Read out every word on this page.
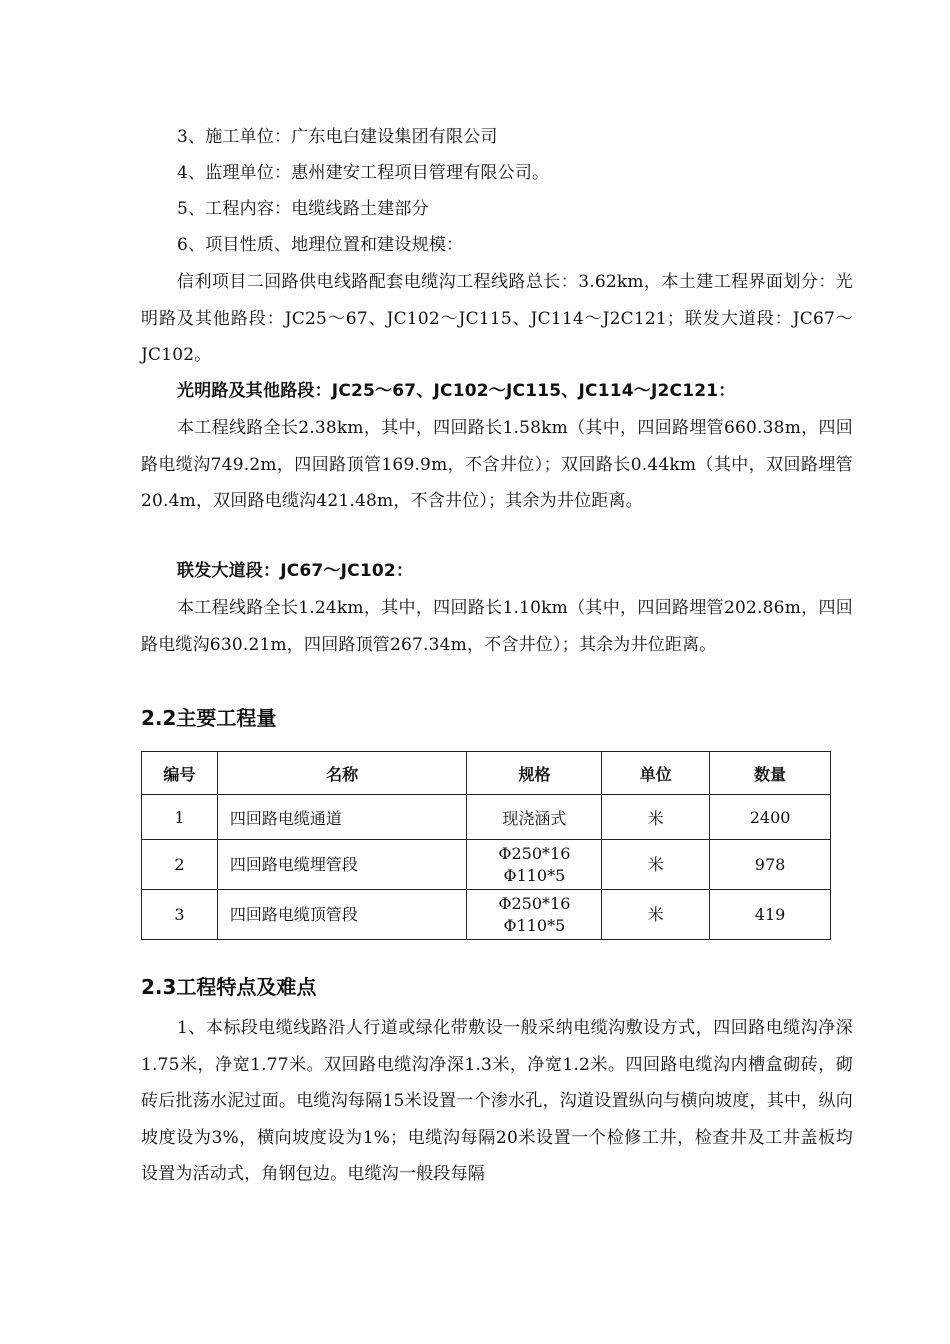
3、施工单位：广东电白建设集团有限公司

4、监理单位：惠州建安工程项目管理有限公司。

5、工程内容：电缆线路土建部分

6、项目性质、地理位置和建设规模：

信利项目二回路供电线路配套电缆沟工程线路总长：3.62km，本土建工程界面划分：光明路及其他路段：JC25～67、JC102～JC115、JC114～J2C121；联发大道段：JC67～JC102。

光明路及其他路段：JC25～67、JC102～JC115、JC114～J2C121：

本工程线路全长2.38km，其中，四回路长1.58km（其中，四回路埋管660.38m，四回路电缆沟749.2m，四回路顶管169.9m，不含井位）；双回路长0.44km（其中，双回路埋管20.4m，双回路电缆沟421.48m，不含井位）；其余为井位距离。

联发大道段：JC67～JC102：

本工程线路全长1.24km，其中，四回路长1.10km（其中，四回路埋管202.86m，四回路电缆沟630.21m，四回路顶管267.34m，不含井位）；其余为井位距离。

2.2主要工程量
编号	名称	规格	单位	数量
1	四回路电缆通道	现浇涵式	米	2400
2	四回路电缆埋管段	Φ250*16
Φ110*5	米	978
3	四回路电缆顶管段	Φ250*16
Φ110*5	米	419
2.3工程特点及难点

1、本标段电缆线路沿人行道或绿化带敷设一般采纳电缆沟敷设方式，四回路电缆沟净深1.75米，净宽1.77米。双回路电缆沟净深1.3米，净宽1.2米。四回路电缆沟内槽盒砌砖，砌砖后批荡水泥过面。电缆沟每隔15米设置一个渗水孔，沟道设置纵向与横向坡度，其中，纵向坡度设为3%，横向坡度设为1%；电缆沟每隔20米设置一个检修工井，检查井及工井盖板均设置为活动式，角钢包边。电缆沟一般段每隔
